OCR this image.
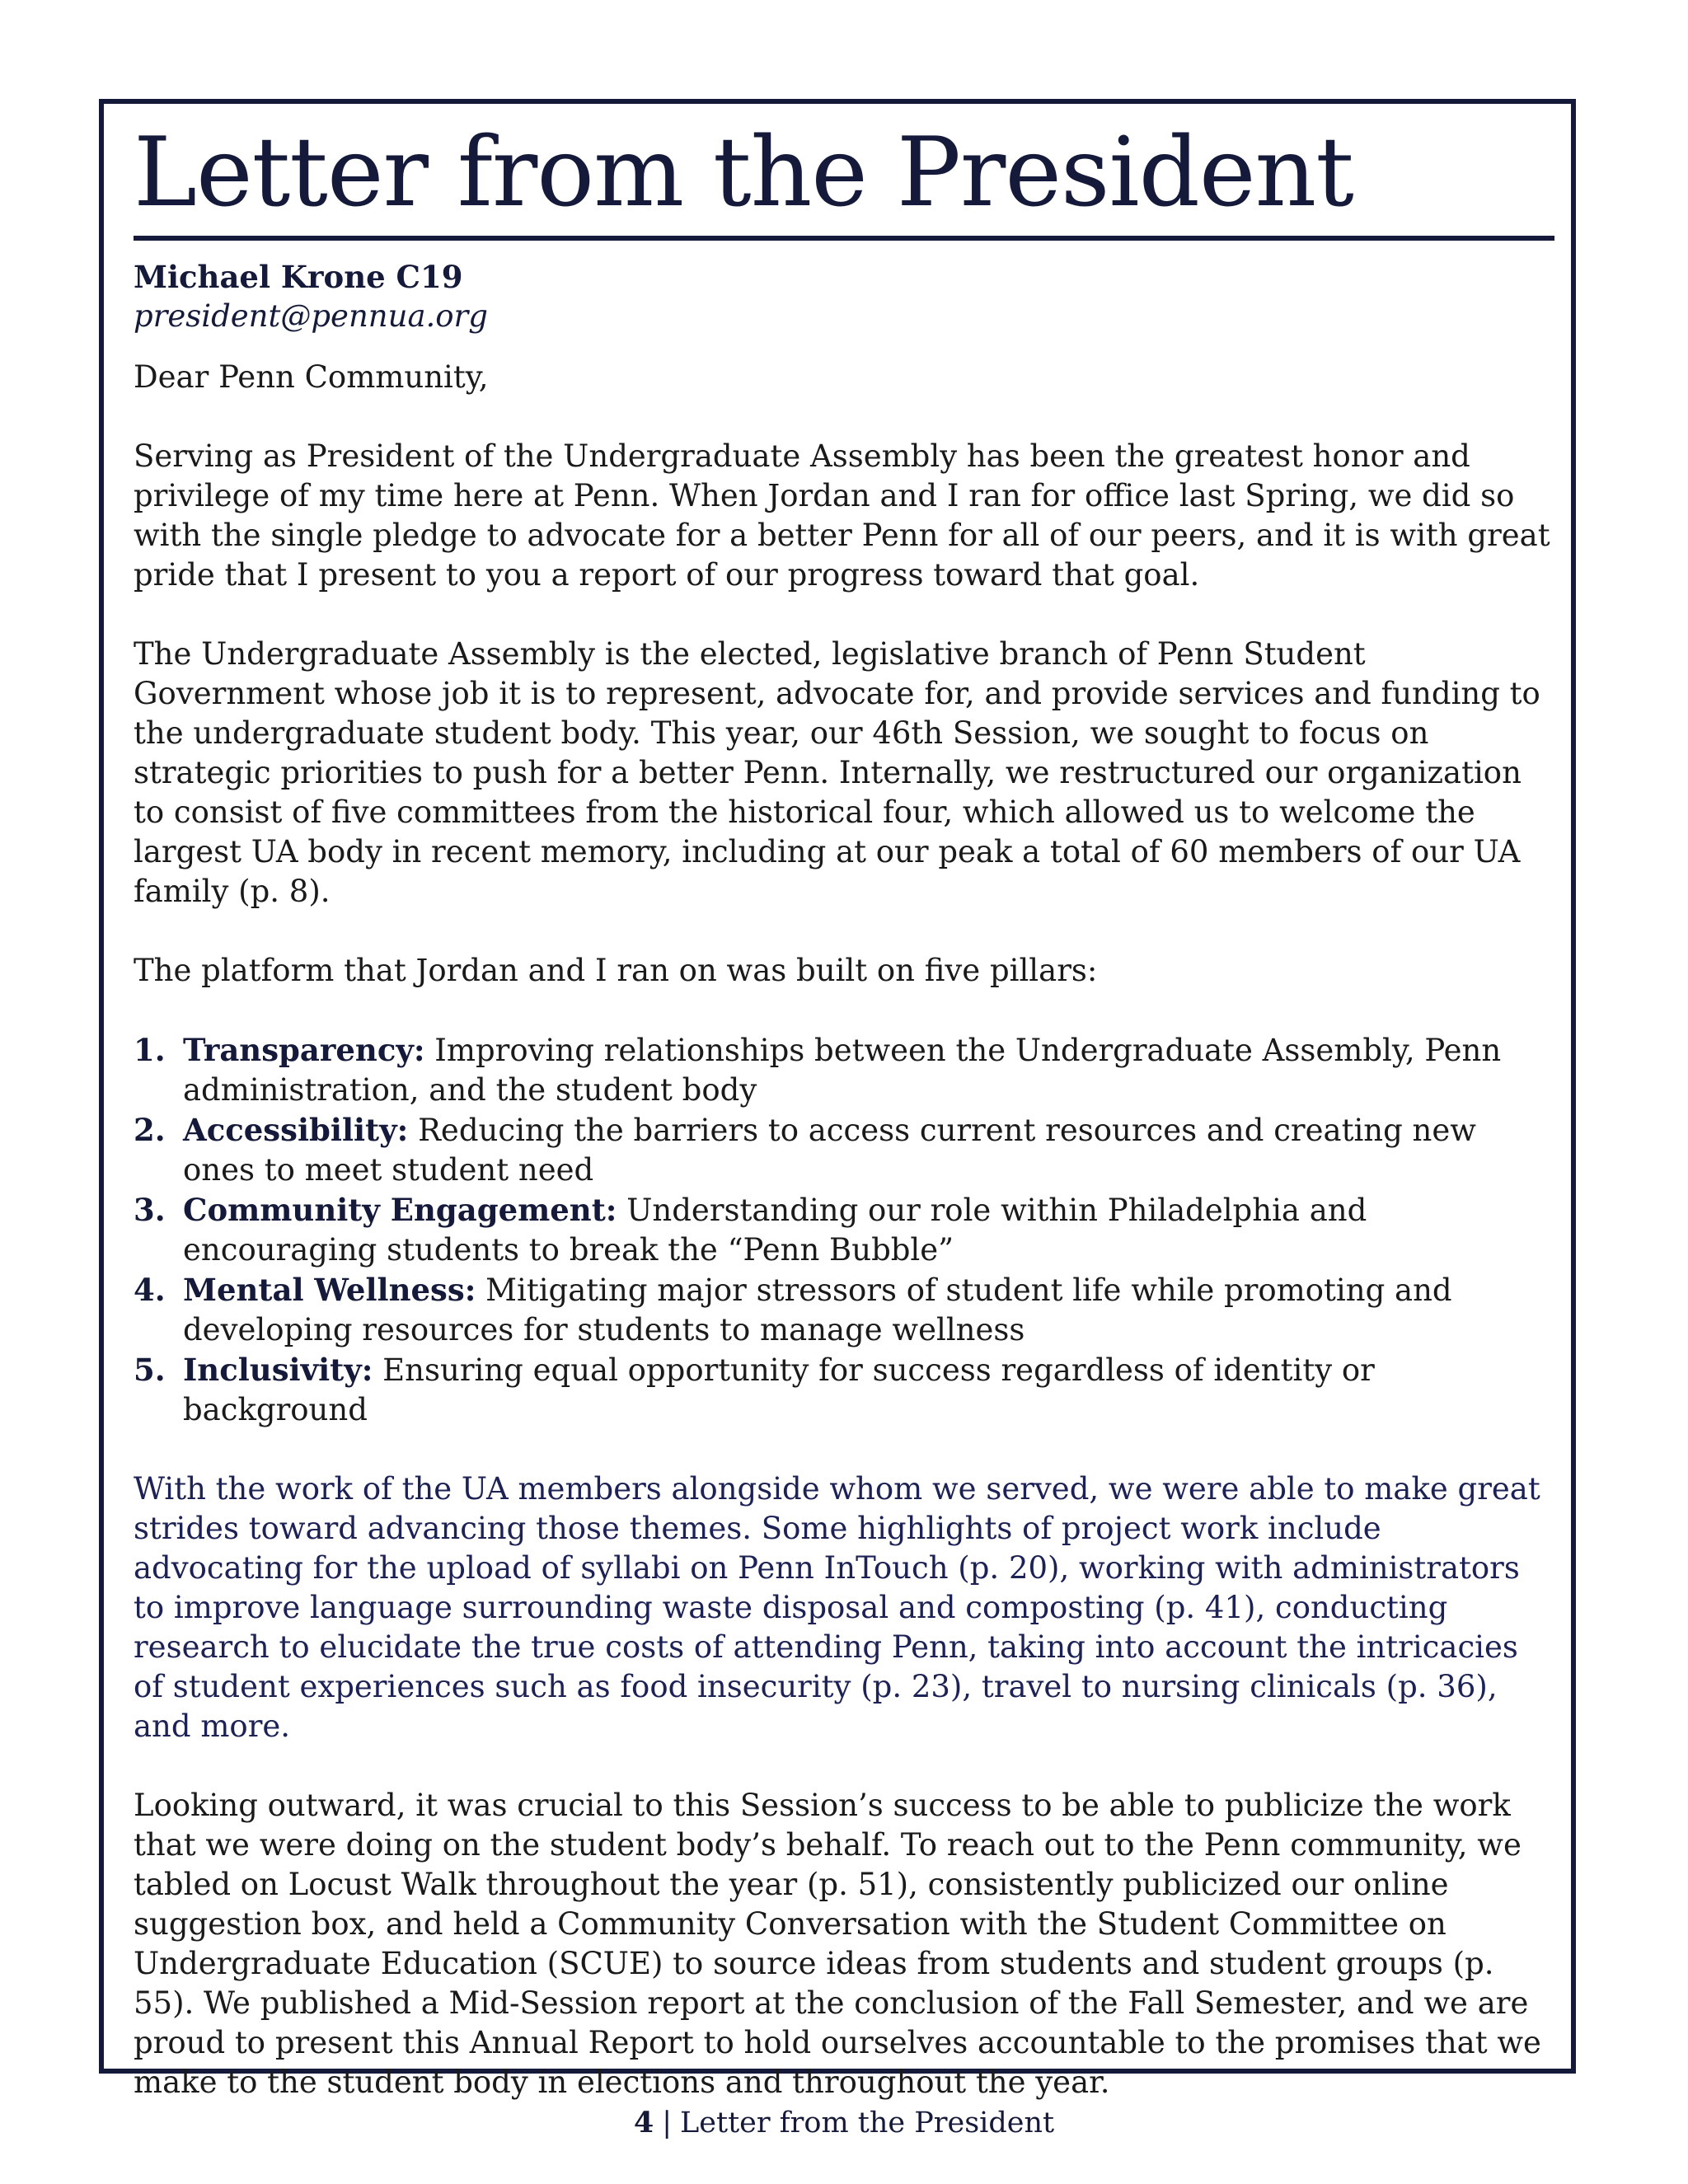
Letter from the President
Michael Krone C19
president@pennua.org

Dear Penn Community,

Serving as President of the Undergraduate Assembly has been the greatest honor and privilege of my time here at Penn. When Jordan and I ran for office last Spring, we did so with the single pledge to advocate for a better Penn for all of our peers, and it is with great pride that I present to you a report of our progress toward that goal.

The Undergraduate Assembly is the elected, legislative branch of Penn Student Government whose job it is to represent, advocate for, and provide services and funding to the undergraduate student body. This year, our 46th Session, we sought to focus on strategic priorities to push for a better Penn. Internally, we restructured our organization to consist of five committees from the historical four, which allowed us to welcome the largest UA body in recent memory, including at our peak a total of 60 members of our UA family (p. 8).

The platform that Jordan and I ran on was built on five pillars:

1. Transparency: Improving relationships between the Undergraduate Assembly, Penn administration, and the student body
2. Accessibility: Reducing the barriers to access current resources and creating new ones to meet student need
3. Community Engagement: Understanding our role within Philadelphia and encouraging students to break the “Penn Bubble”
4. Mental Wellness: Mitigating major stressors of student life while promoting and developing resources for students to manage wellness
5. Inclusivity: Ensuring equal opportunity for success regardless of identity or background

With the work of the UA members alongside whom we served, we were able to make great strides toward advancing those themes. Some highlights of project work include advocating for the upload of syllabi on Penn InTouch (p. 20), working with administrators to improve language surrounding waste disposal and composting (p. 41), conducting research to elucidate the true costs of attending Penn, taking into account the intricacies of student experiences such as food insecurity (p. 23), travel to nursing clinicals (p. 36), and more.

Looking outward, it was crucial to this Session’s success to be able to publicize the work that we were doing on the student body’s behalf. To reach out to the Penn community, we tabled on Locust Walk throughout the year (p. 51), consistently publicized our online suggestion box, and held a Community Conversation with the Student Committee on Undergraduate Education (SCUE) to source ideas from students and student groups (p. 55). We published a Mid-Session report at the conclusion of the Fall Semester, and we are proud to present this Annual Report to hold ourselves accountable to the promises that we make to the student body in elections and throughout the year.

4 | Letter from the President
